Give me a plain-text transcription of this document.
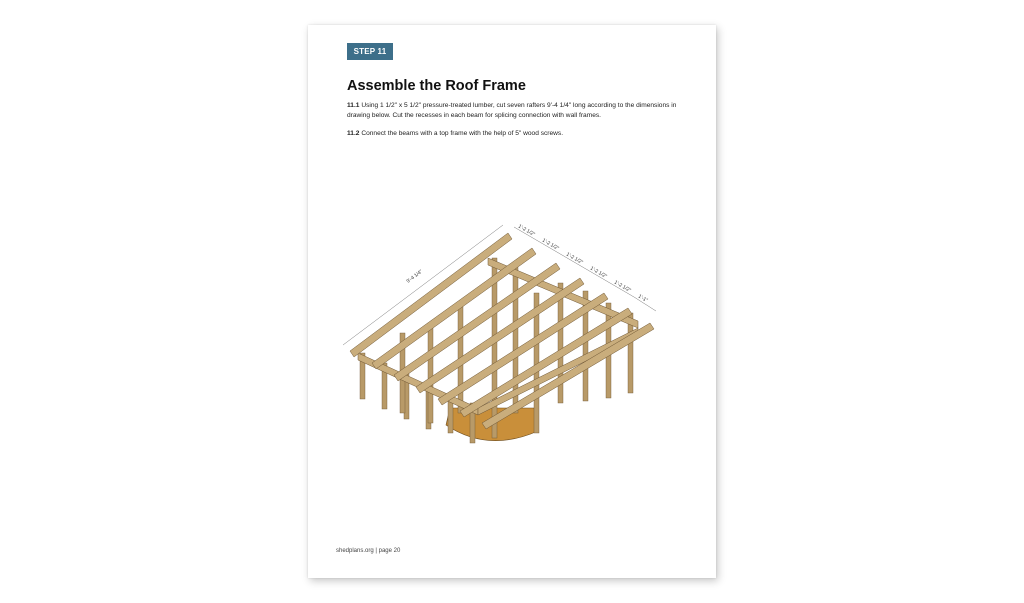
STEP 11
Assemble the Roof Frame

11.1 Using 1 1/2" x 5 1/2" pressure-treated lumber, cut seven rafters 9'-4 1/4" long according to the dimensions in drawing below. Cut the recesses in each beam for splicing connection with wall frames.

11.2 Connect the beams with a top frame with the help of 5" wood screws.

9'-4 1/4"
1'-2 1/2"
1'-2 1/2"
1'-2 1/2"
1'-2 1/2"
1'-2 1/2"
1'-1"
shedplans.org | page 20
